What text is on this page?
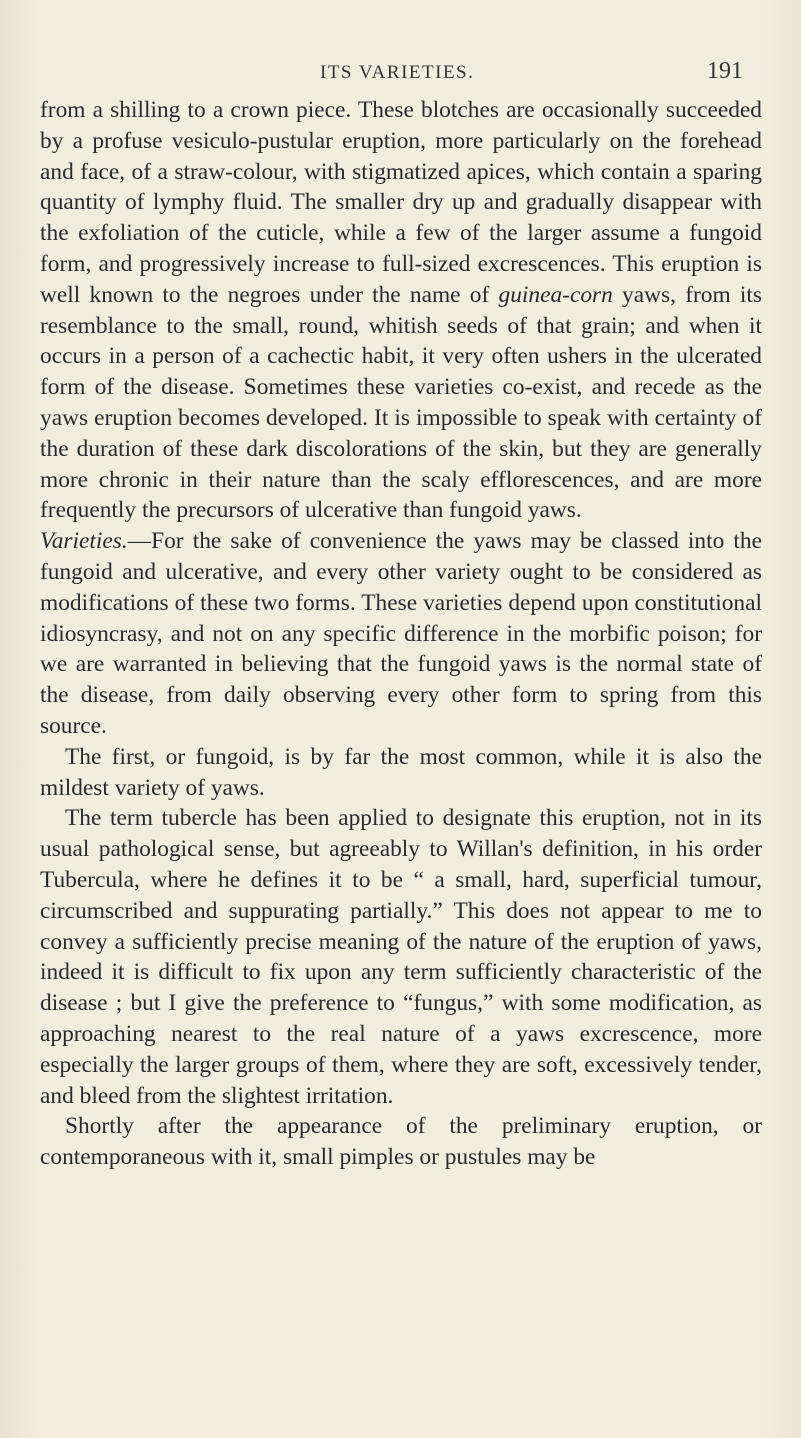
ITS VARIETIES.	191

from a shilling to a crown piece. These blotches are occasionally succeeded by a profuse vesiculo-pustular eruption, more particularly on the forehead and face, of a straw-colour, with stigmatized apices, which contain a sparing quantity of lymphy fluid. The smaller dry up and gradually disappear with the exfoliation of the cuticle, while a few of the larger assume a fungoid form, and progressively increase to full-sized excrescences. This eruption is well known to the negroes under the name of guinea-corn yaws, from its resemblance to the small, round, whitish seeds of that grain; and when it occurs in a person of a cachectic habit, it very often ushers in the ulcerated form of the disease. Sometimes these varieties co-exist, and recede as the yaws eruption becomes developed. It is impossible to speak with certainty of the duration of these dark discolorations of the skin, but they are generally more chronic in their nature than the scaly efflorescences, and are more frequently the precursors of ulcerative than fungoid yaws.

Varieties.—For the sake of convenience the yaws may be classed into the fungoid and ulcerative, and every other variety ought to be considered as modifications of these two forms. These varieties depend upon constitutional idiosyncrasy, and not on any specific difference in the morbific poison; for we are warranted in believing that the fungoid yaws is the normal state of the disease, from daily observing every other form to spring from this source.

The first, or fungoid, is by far the most common, while it is also the mildest variety of yaws.

The term tubercle has been applied to designate this eruption, not in its usual pathological sense, but agreeably to Willan's definition, in his order Tubercula, where he defines it to be “ a small, hard, superficial tumour, circumscribed and suppurating partially.” This does not appear to me to convey a sufficiently precise meaning of the nature of the eruption of yaws, indeed it is difficult to fix upon any term sufficiently characteristic of the disease ; but I give the preference to “fungus,” with some modification, as approaching nearest to the real nature of a yaws excrescence, more especially the larger groups of them, where they are soft, excessively tender, and bleed from the slightest irritation.

Shortly after the appearance of the preliminary eruption, or contemporaneous with it, small pimples or pustules may be
